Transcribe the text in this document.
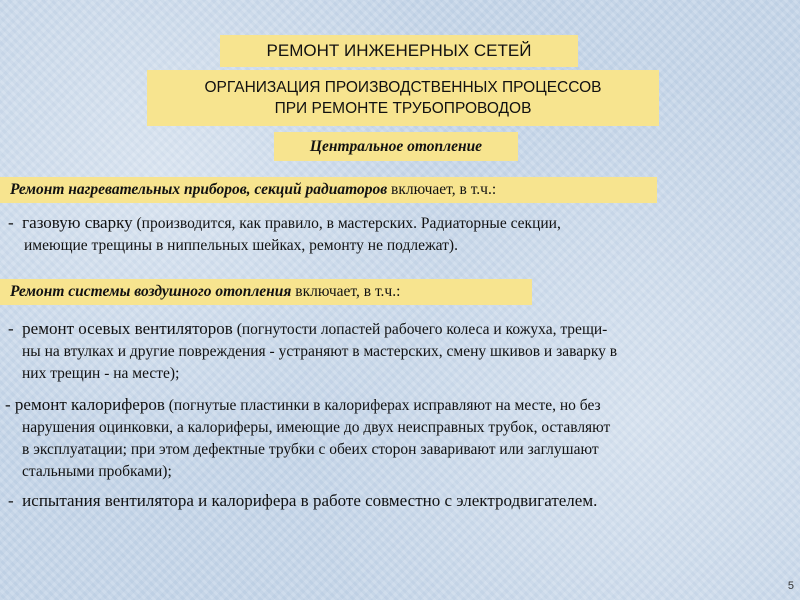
РЕМОНТ ИНЖЕНЕРНЫХ СЕТЕЙ
ОРГАНИЗАЦИЯ ПРОИЗВОДСТВЕННЫХ ПРОЦЕССОВ
ПРИ РЕМОНТЕ ТРУБОПРОВОДОВ
Центральное отопление
Ремонт нагревательных приборов, секций радиаторов включает, в т.ч.:
-  газовую сварку (производится, как правило, в мастерских. Радиаторные секции,
имеющие трещины в ниппельных шейках, ремонту не подлежат).
Ремонт системы воздушного отопления включает, в т.ч.:
-  ремонт осевых вентиляторов (погнутости лопастей рабочего колеса и кожуха, трещи-
ны на втулках и другие повреждения - устраняют в мастерских, смену шкивов и заварку в
них трещин - на месте);
- ремонт калориферов (погнутые пластинки в калориферах исправляют на месте, но без
нарушения оцинковки, а калориферы, имеющие до двух неисправных трубок, оставляют
в эксплуатации; при этом дефектные трубки с обеих сторон заваривают или заглушают
стальными пробками);
-  испытания вентилятора и калорифера в работе совместно с электродвигателем.
5
